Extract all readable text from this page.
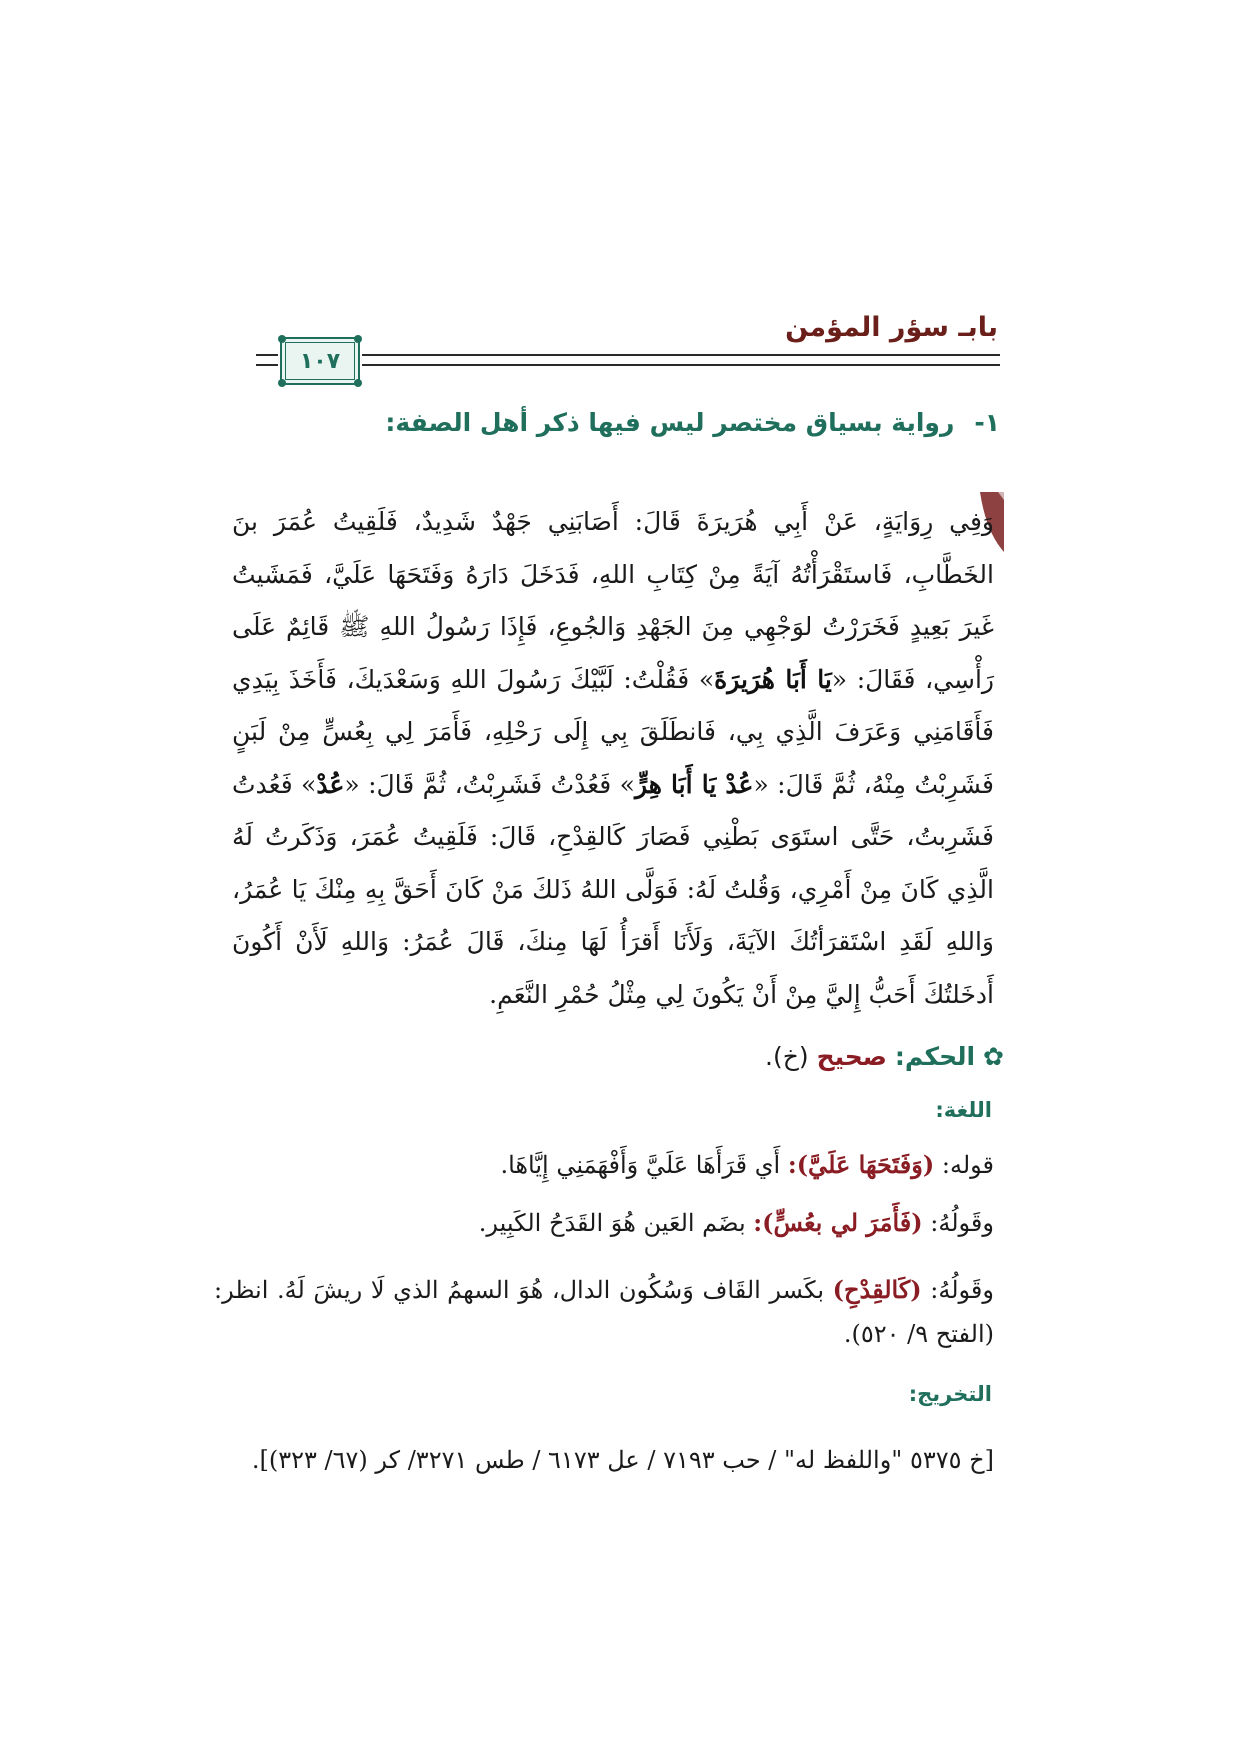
بابـ سؤر المؤمن
١٠٧
١-رواية بسياق مختصر ليس فيها ذكر أهل الصفة:
وَفِي رِوَايَةٍ، عَنْ أَبِي هُرَيرَةَ قَالَ: أَصَابَنِي جَهْدٌ شَدِيدٌ، فَلَقِيتُ عُمَرَ بنَ الخَطَّابِ، فَاستَقْرَأْتُهُ آيَةً مِنْ كِتَابِ اللهِ، فَدَخَلَ دَارَهُ وَفَتَحَهَا عَلَيَّ، فَمَشَيتُ غَيرَ بَعِيدٍ فَخَرَرْتُ لوَجْهِي مِنَ الجَهْدِ وَالجُوعِ، فَإِذَا رَسُولُ اللهِ ﷺ قَائِمٌ عَلَى رَأْسِي، فَقَالَ: «يَا أَبَا هُرَيرَةَ» فَقُلْتُ: لَبَّيْكَ رَسُولَ اللهِ وَسَعْدَيكَ، فَأَخَذَ بِيَدِي فَأَقَامَنِي وَعَرَفَ الَّذِي بِي، فَانطَلَقَ بِي إِلَى رَحْلِهِ، فَأَمَرَ لِي بِعُسٍّ مِنْ لَبَنٍ فَشَرِبْتُ مِنْهُ، ثُمَّ قَالَ: «عُدْ يَا أَبَا هِرٍّ» فَعُدْتُ فَشَرِبْتُ، ثُمَّ قَالَ: «عُدْ» فَعُدتُ فَشَرِبتُ، حَتَّى استَوَى بَطْنِي فَصَارَ كَالقِدْحِ، قَالَ: فَلَقِيتُ عُمَرَ، وَذَكَرتُ لَهُ الَّذِي كَانَ مِنْ أَمْرِي، وَقُلتُ لَهُ: فَوَلَّى اللهُ ذَلكَ مَنْ كَانَ أَحَقَّ بِهِ مِنْكَ يَا عُمَرُ، وَاللهِ لَقَدِ اسْتَقرَأتُكَ الآيَةَ، وَلَأَنَا أَقرَأُ لَهَا مِنكَ، قَالَ عُمَرُ: وَاللهِ لَأَنْ أَكُونَ أَدخَلتُكَ أَحَبُّ إِليَّ مِنْ أَنْ يَكُونَ لِي مِثْلُ حُمْرِ النَّعَمِ.
✿الحكم: صحيح (خ).
اللغة:
قوله: (وَفَتَحَهَا عَلَيَّ): أَي قَرَأَهَا عَلَيَّ وَأَفْهَمَنِي إِيَّاهَا.
وقَولُهُ: (فَأَمَرَ لي بعُسٍّ): بضَم العَين هُوَ القَدَحُ الكَبِير.
وقَولُهُ: (كَالقِدْحِ) بكَسر القَاف وَسُكُون الدال، هُوَ السهمُ الذي لَا ريشَ لَهُ. انظر: (الفتح ٩/ ٥٢٠).
التخريج:
[خ ٥٣٧٥ "واللفظ له" / حب ٧١٩٣ / عل ٦١٧٣ / طس ٣٢٧١/ كر (٦٧/ ٣٢٣)].
